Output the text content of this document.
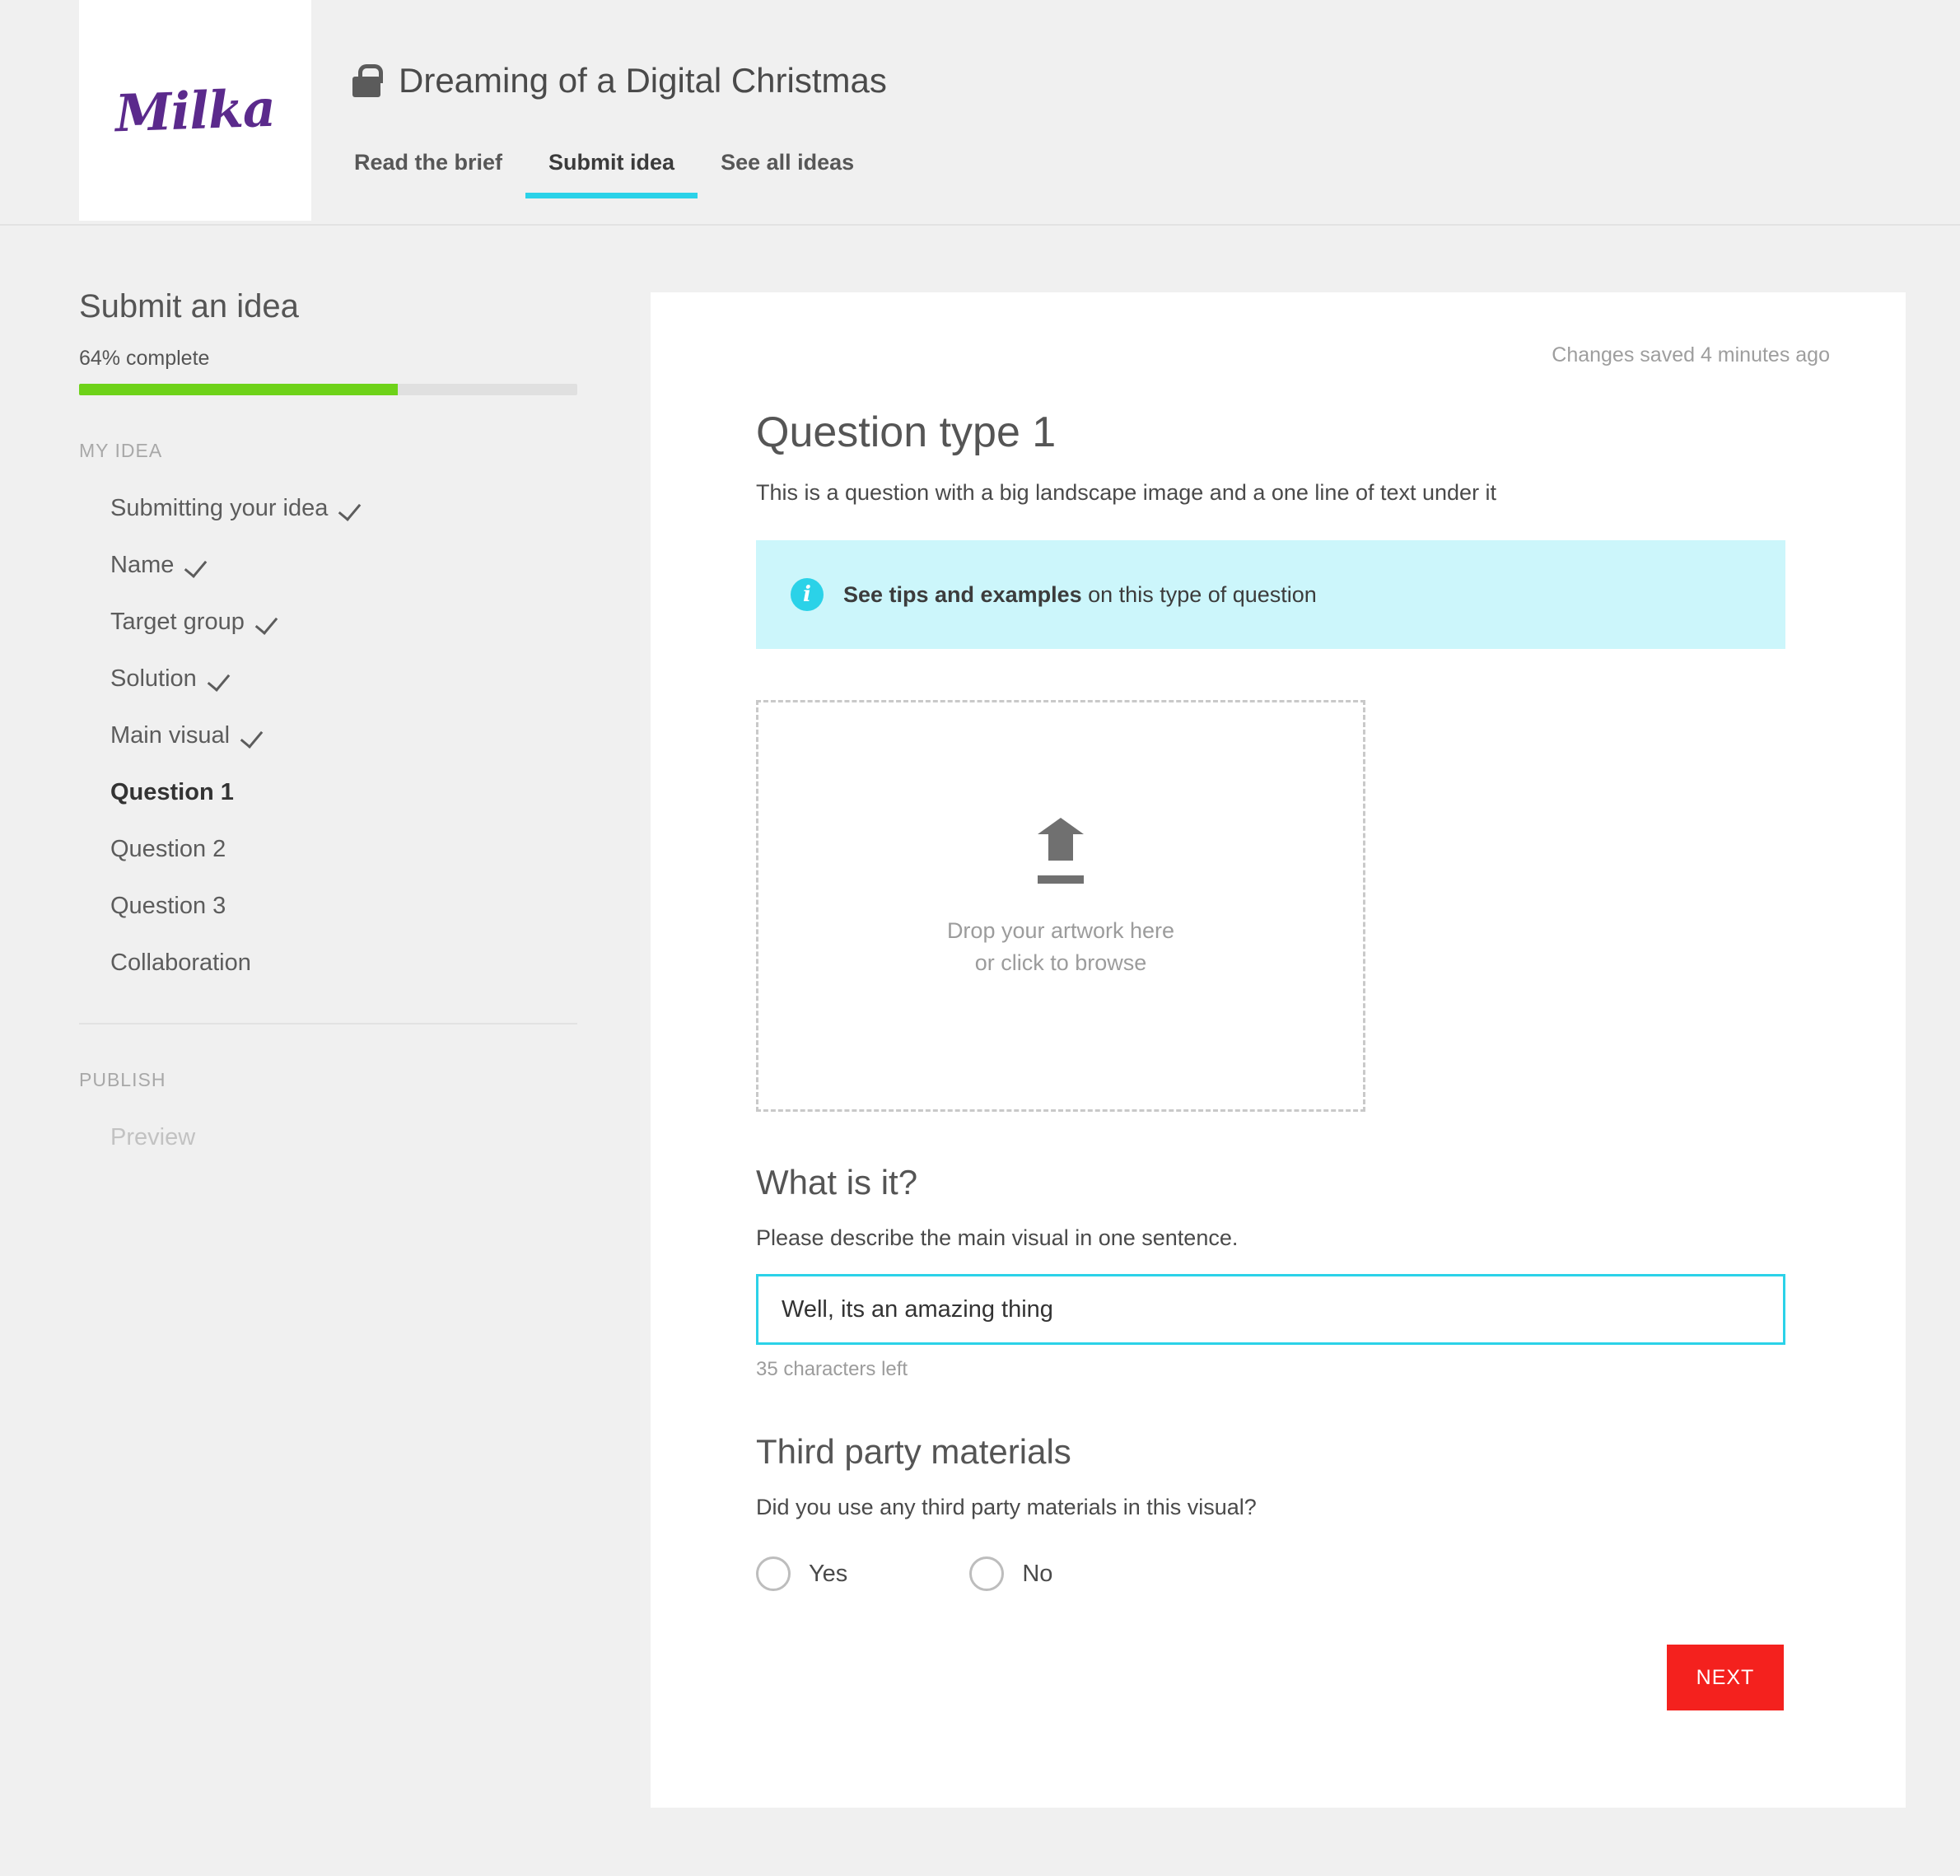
Milka	Dreaming of a Digital Christmas
Read the brief	Submit idea	See all ideas
Submit an idea
64% complete
MY IDEA
Submitting your idea
Name
Target group
Solution
Main visual
Question 1
Question 2
Question 3
Collaboration
PUBLISH
Preview
Changes saved 4 minutes ago
Question type 1
This is a question with a big landscape image and a one line of text under it
i	See tips and examples on this type of question
Drop your artwork here
or click to browse
What is it?
Please describe the main visual in one sentence.
Well, its an amazing thing
35 characters left
Third party materials
Did you use any third party materials in this visual?
Yes	No
NEXT
